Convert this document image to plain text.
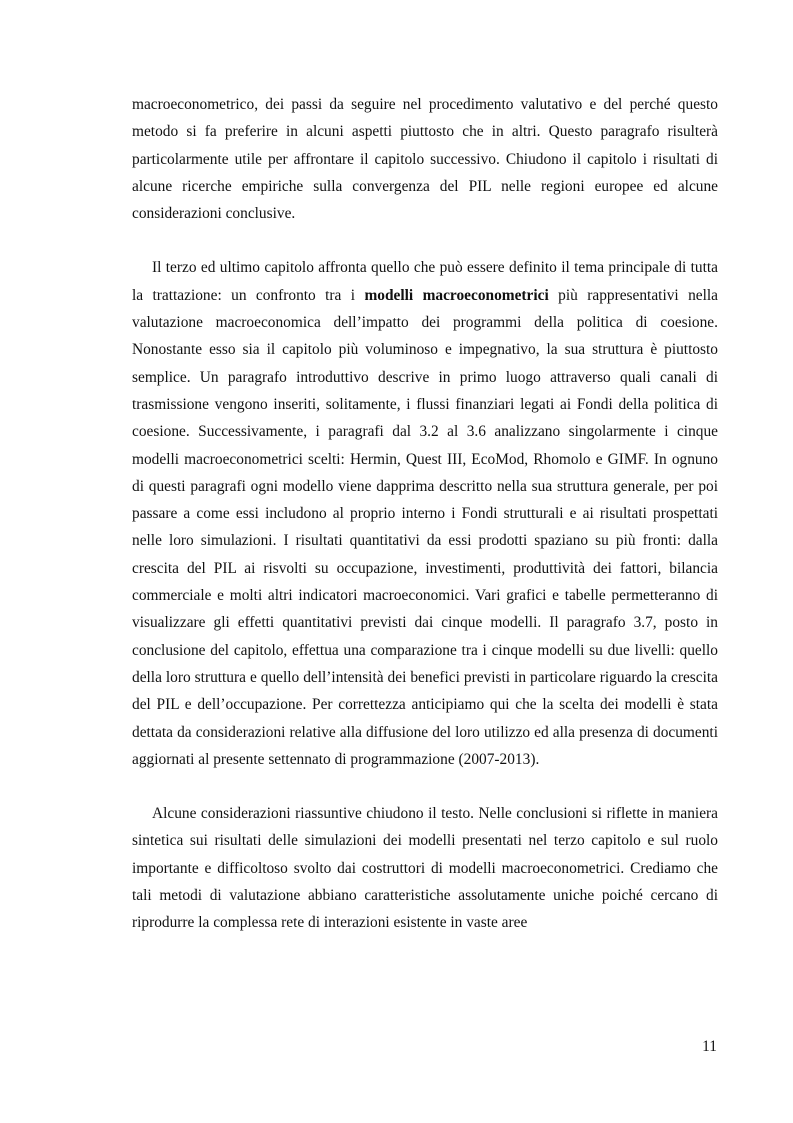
macroeconometrico, dei passi da seguire nel procedimento valutativo e del perché questo metodo si fa preferire in alcuni aspetti piuttosto che in altri. Questo paragrafo risulterà particolarmente utile per affrontare il capitolo successivo. Chiudono il capitolo i risultati di alcune ricerche empiriche sulla convergenza del PIL nelle regioni europee ed alcune considerazioni conclusive.

Il terzo ed ultimo capitolo affronta quello che può essere definito il tema principale di tutta la trattazione: un confronto tra i modelli macroeconometrici più rappresentativi nella valutazione macroeconomica dell’impatto dei programmi della politica di coesione. Nonostante esso sia il capitolo più voluminoso e impegnativo, la sua struttura è piuttosto semplice. Un paragrafo introduttivo descrive in primo luogo attraverso quali canali di trasmissione vengono inseriti, solitamente, i flussi finanziari legati ai Fondi della politica di coesione. Successivamente, i paragrafi dal 3.2 al 3.6 analizzano singolarmente i cinque modelli macroeconometrici scelti: Hermin, Quest III, EcoMod, Rhomolo e GIMF. In ognuno di questi paragrafi ogni modello viene dapprima descritto nella sua struttura generale, per poi passare a come essi includono al proprio interno i Fondi strutturali e ai risultati prospettati nelle loro simulazioni. I risultati quantitativi da essi prodotti spaziano su più fronti: dalla crescita del PIL ai risvolti su occupazione, investimenti, produttività dei fattori, bilancia commerciale e molti altri indicatori macroeconomici. Vari grafici e tabelle permetteranno di visualizzare gli effetti quantitativi previsti dai cinque modelli. Il paragrafo 3.7, posto in conclusione del capitolo, effettua una comparazione tra i cinque modelli su due livelli: quello della loro struttura e quello dell’intensità dei benefici previsti in particolare riguardo la crescita del PIL e dell’occupazione. Per correttezza anticipiamo qui che la scelta dei modelli è stata dettata da considerazioni relative alla diffusione del loro utilizzo ed alla presenza di documenti aggiornati al presente settennato di programmazione (2007-2013).

Alcune considerazioni riassuntive chiudono il testo. Nelle conclusioni si riflette in maniera sintetica sui risultati delle simulazioni dei modelli presentati nel terzo capitolo e sul ruolo importante e difficoltoso svolto dai costruttori di modelli macroeconometrici. Crediamo che tali metodi di valutazione abbiano caratteristiche assolutamente uniche poiché cercano di riprodurre la complessa rete di interazioni esistente in vaste aree

11
